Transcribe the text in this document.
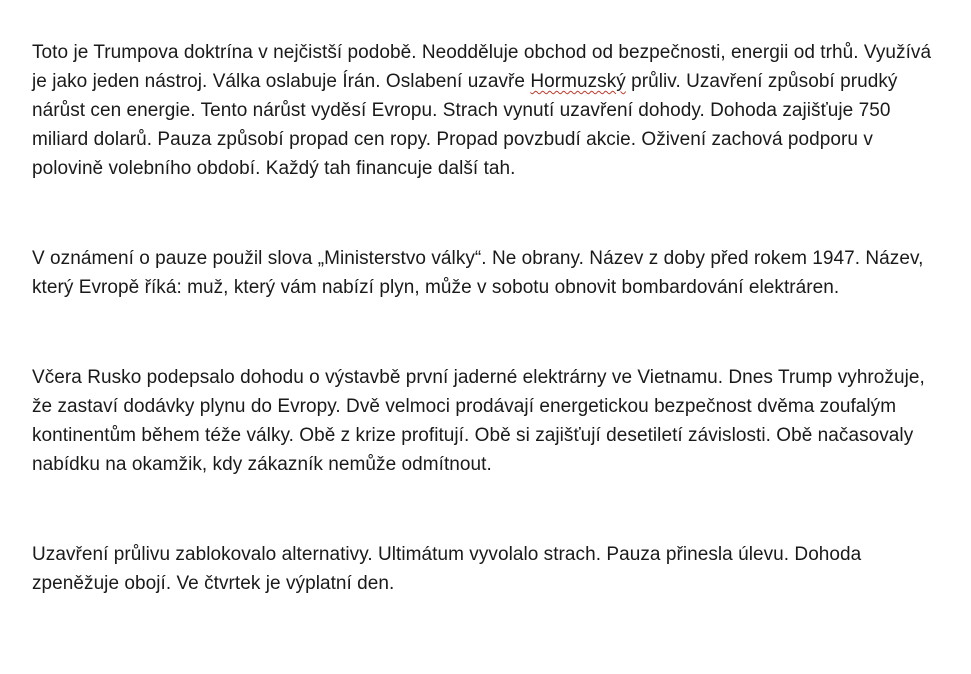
Toto je Trumpova doktrína v nejčistší podobě. Neodděluje obchod od bezpečnosti, energii od trhů. Využívá je jako jeden nástroj. Válka oslabuje Írán. Oslabení uzavře Hormuzský průliv. Uzavření způsobí prudký nárůst cen energie. Tento nárůst vyděsí Evropu. Strach vynutí uzavření dohody. Dohoda zajišťuje 750 miliard dolarů. Pauza způsobí propad cen ropy. Propad povzbudí akcie. Oživení zachová podporu v polovině volebního období. Každý tah financuje další tah.

V oznámení o pauze použil slova „Ministerstvo války“. Ne obrany. Název z doby před rokem 1947. Název, který Evropě říká: muž, který vám nabízí plyn, může v sobotu obnovit bombardování elektráren.

Včera Rusko podepsalo dohodu o výstavbě první jaderné elektrárny ve Vietnamu. Dnes Trump vyhrožuje, že zastaví dodávky plynu do Evropy. Dvě velmoci prodávají energetickou bezpečnost dvěma zoufalým kontinentům během téže války. Obě z krize profitují. Obě si zajišťují desetiletí závislosti. Obě načasovaly nabídku na okamžik, kdy zákazník nemůže odmítnout.

Uzavření průlivu zablokovalo alternativy. Ultimátum vyvolalo strach. Pauza přinesla úlevu. Dohoda zpeněžuje obojí. Ve čtvrtek je výplatní den.
